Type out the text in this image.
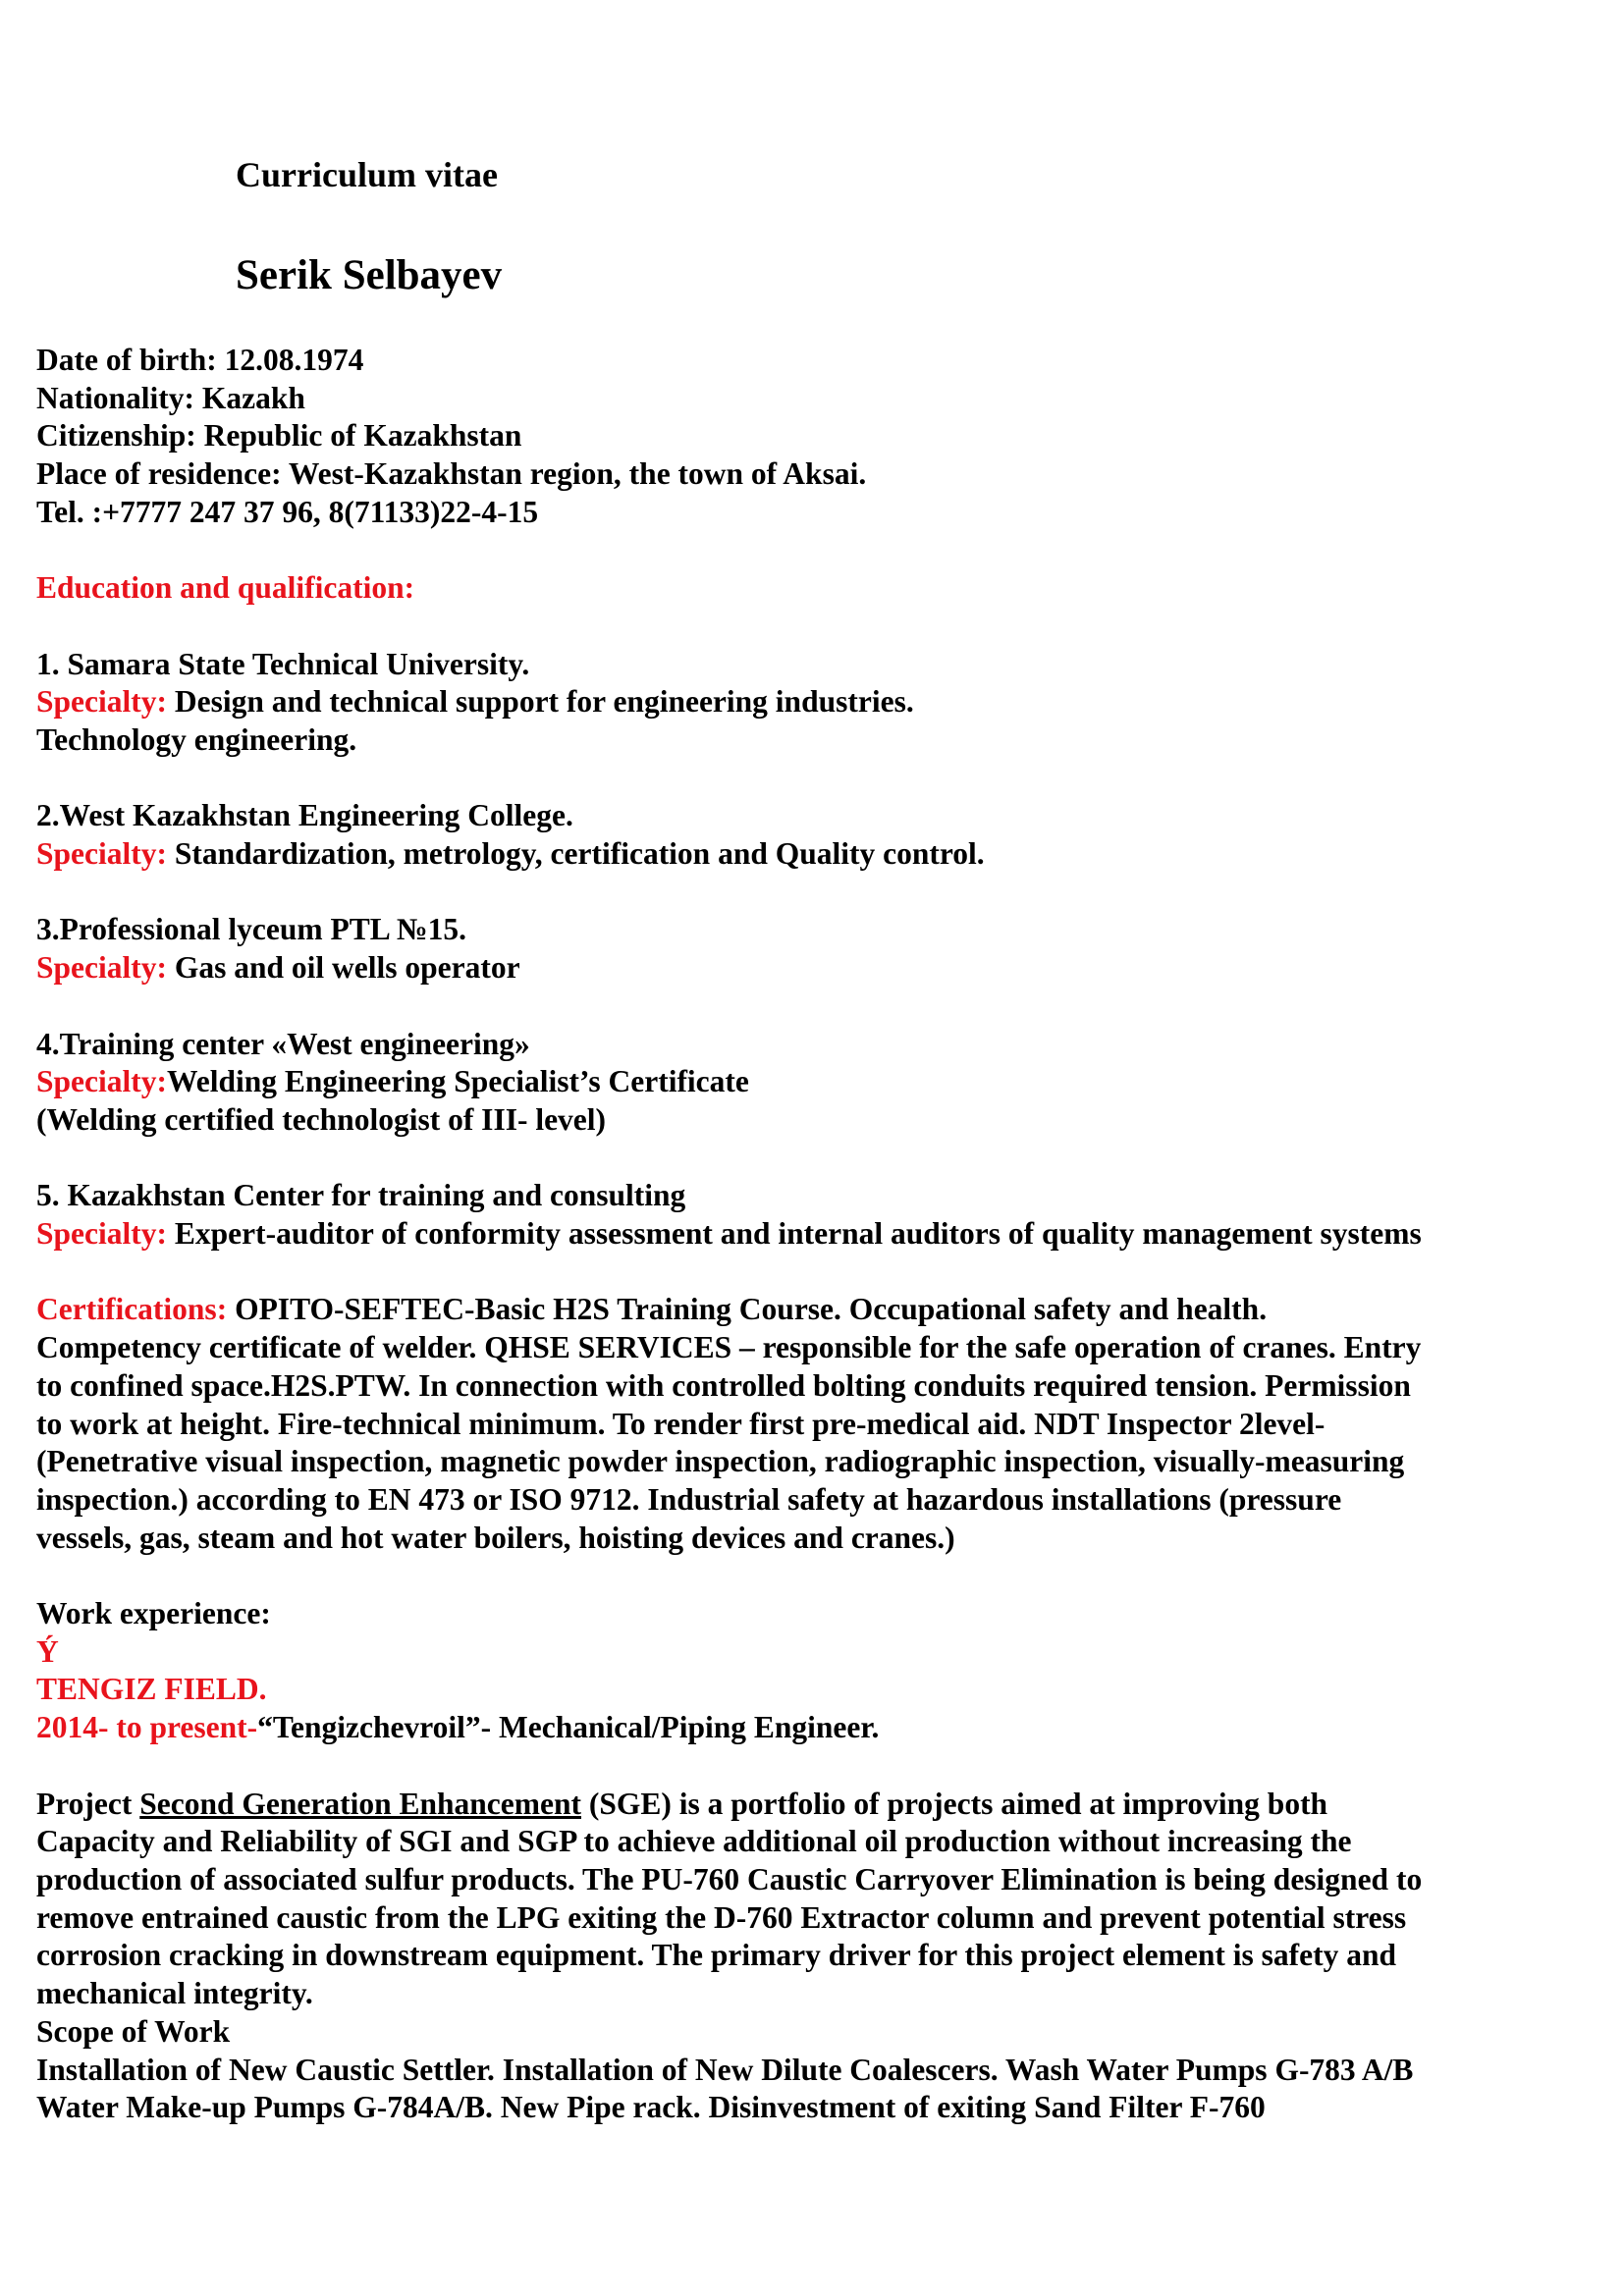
Curriculum vitae
Serik Selbayev
Date of birth: 12.08.1974
Nationality: Kazakh
Citizenship: Republic of Kazakhstan
Place of residence: West-Kazakhstan region, the town of Aksai.
Tel. :+7777 247 37 96, 8(71133)22-4-15
Education and qualification:
1. Samara State Technical University.
Specialty: Design and technical support for engineering industries.
Technology engineering.
2.West Kazakhstan Engineering College.
Specialty: Standardization, metrology, certification and Quality control.
3.Professional lyceum PTL №15.
Specialty: Gas and oil wells operator
4.Training center «West engineering»
Specialty:Welding Engineering Specialist’s Certificate
(Welding certified technologist of III- level)
5. Kazakhstan Center for training and consulting
Specialty: Expert-auditor of conformity assessment and internal auditors of quality management systems
Certifications: OPITO-SEFTEC-Basic H2S Training Course. Occupational safety and health.
Competency certificate of welder. QHSE SERVICES – responsible for the safe operation of cranes. Entry
to confined space.H2S.PTW. In connection with controlled bolting conduits required tension. Permission
to work at height. Fire-technical minimum. To render first pre-medical aid. NDT Inspector 2level-
(Penetrative visual inspection, magnetic powder inspection, radiographic inspection, visually-measuring
inspection.) according to EN 473 or ISO 9712. Industrial safety at hazardous installations (pressure
vessels, gas, steam and hot water boilers, hoisting devices and cranes.)
Work experience:
Ý
TENGIZ FIELD.
2014- to present-“Tengizchevroil”- Mechanical/Piping Engineer.
Project Second Generation Enhancement (SGE) is a portfolio of projects aimed at improving both
Capacity and Reliability of SGI and SGP to achieve additional oil production without increasing the
production of associated sulfur products. The PU-760 Caustic Carryover Elimination is being designed to
remove entrained caustic from the LPG exiting the D-760 Extractor column and prevent potential stress
corrosion cracking in downstream equipment. The primary driver for this project element is safety and
mechanical integrity.
Scope of Work
Installation of New Caustic Settler. Installation of New Dilute Coalescers. Wash Water Pumps G-783 A/B
Water Make-up Pumps G-784A/B. New Pipe rack. Disinvestment of exiting Sand Filter F-760
